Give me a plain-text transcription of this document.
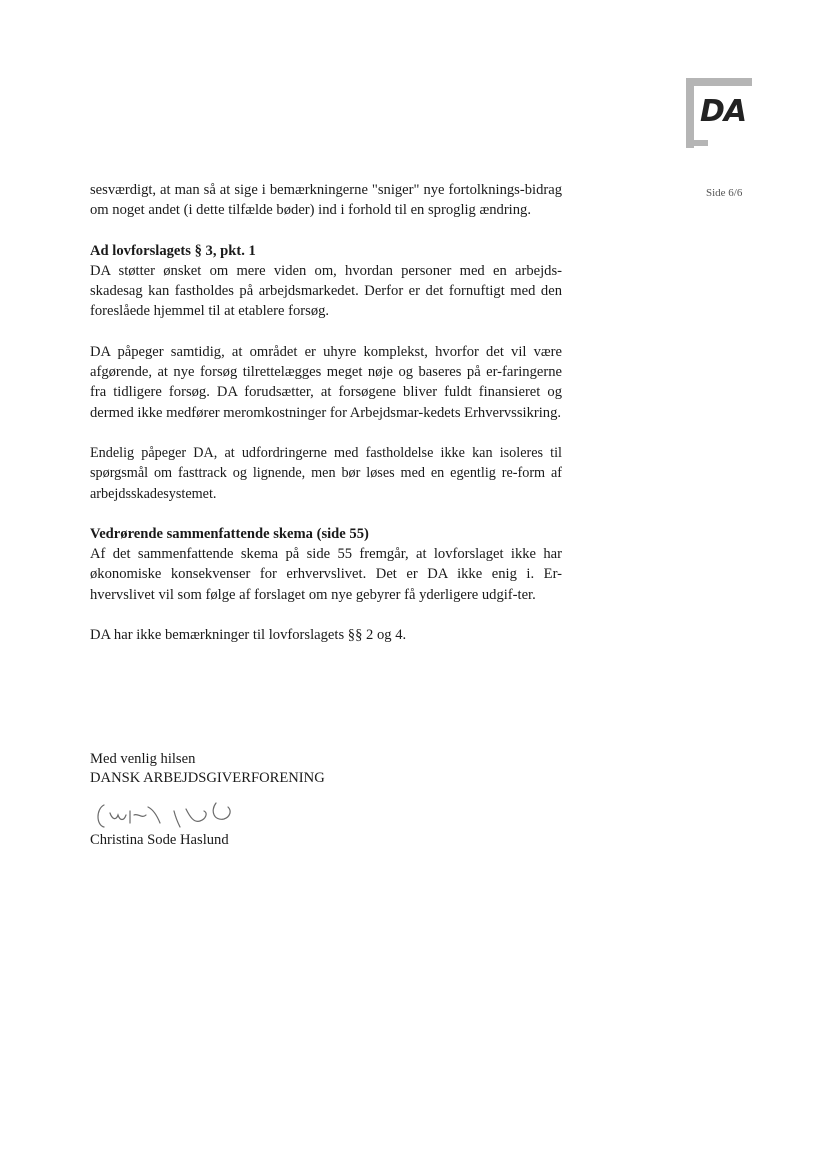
DA
Side 6/6

sesværdigt, at man så at sige i bemærkningerne "sniger" nye fortolknings-bidrag om noget andet (i dette tilfælde bøder) ind i forhold til en sproglig ændring.

Ad lovforslagets § 3, pkt. 1
DA støtter ønsket om mere viden om, hvordan personer med en arbejds-skadesag kan fastholdes på arbejdsmarkedet. Derfor er det fornuftigt med den foreslåede hjemmel til at etablere forsøg.

DA påpeger samtidig, at området er uhyre komplekst, hvorfor det vil være afgørende, at nye forsøg tilrettelægges meget nøje og baseres på er-faringerne fra tidligere forsøg. DA forudsætter, at forsøgene bliver fuldt finansieret og dermed ikke medfører meromkostninger for Arbejdsmar-kedets Erhvervssikring.

Endelig påpeger DA, at udfordringerne med fastholdelse ikke kan isoleres til spørgsmål om fasttrack og lignende, men bør løses med en egentlig re-form af arbejdsskadesystemet.

Vedrørende sammenfattende skema (side 55)
Af det sammenfattende skema på side 55 fremgår, at lovforslaget ikke har økonomiske konsekvenser for erhvervslivet. Det er DA ikke enig i. Er-hvervslivet vil som følge af forslaget om nye gebyrer få yderligere udgif-ter.

DA har ikke bemærkninger til lovforslagets §§ 2 og 4.

Med venlig hilsen
DANSK ARBEJDSGIVERFORENING
Christina Sode Haslund
